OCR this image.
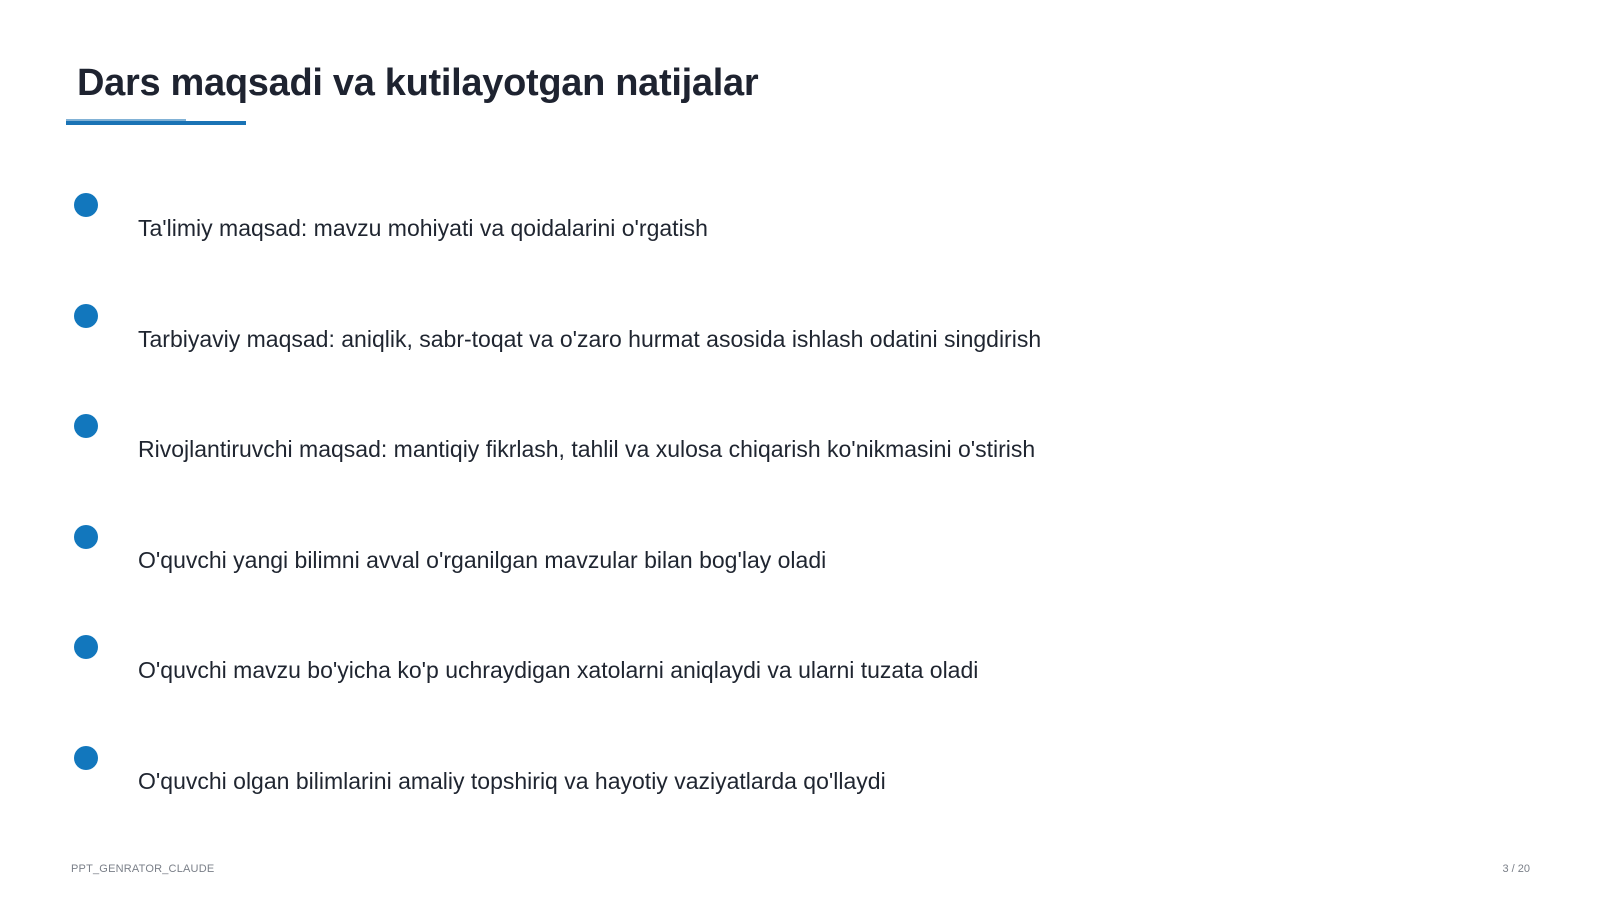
Dars maqsadi va kutilayotgan natijalar
Ta'limiy maqsad: mavzu mohiyati va qoidalarini o'rgatish
Tarbiyaviy maqsad: aniqlik, sabr-toqat va o'zaro hurmat asosida ishlash odatini singdirish
Rivojlantiruvchi maqsad: mantiqiy fikrlash, tahlil va xulosa chiqarish ko'nikmasini o'stirish
O'quvchi yangi bilimni avval o'rganilgan mavzular bilan bog'lay oladi
O'quvchi mavzu bo'yicha ko'p uchraydigan xatolarni aniqlaydi va ularni tuzata oladi
O'quvchi olgan bilimlarini amaliy topshiriq va hayotiy vaziyatlarda qo'llaydi
PPT_GENRATOR_CLAUDE	3 / 20
